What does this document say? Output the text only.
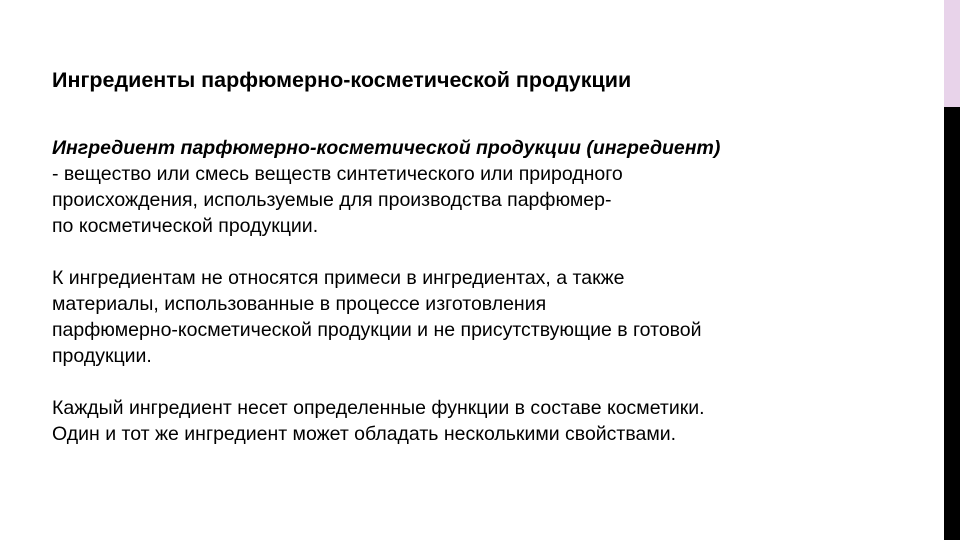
Ингредиенты парфюмерно-косметической продукции

Ингредиент парфюмерно-косметической продукции (ингредиент)
- вещество или смесь веществ синтетического или природного
происхождения, используемые для производства парфюмер-
по косметической продукции.

К ингредиентам не относятся примеси в ингредиентах, а также
материалы, использованные в процессе изготовления
парфюмерно-косметической продукции и не присутствующие в готовой
продукции.

Каждый ингредиент несет определенные функции в составе косметики.
Один и тот же ингредиент может обладать несколькими свойствами.
